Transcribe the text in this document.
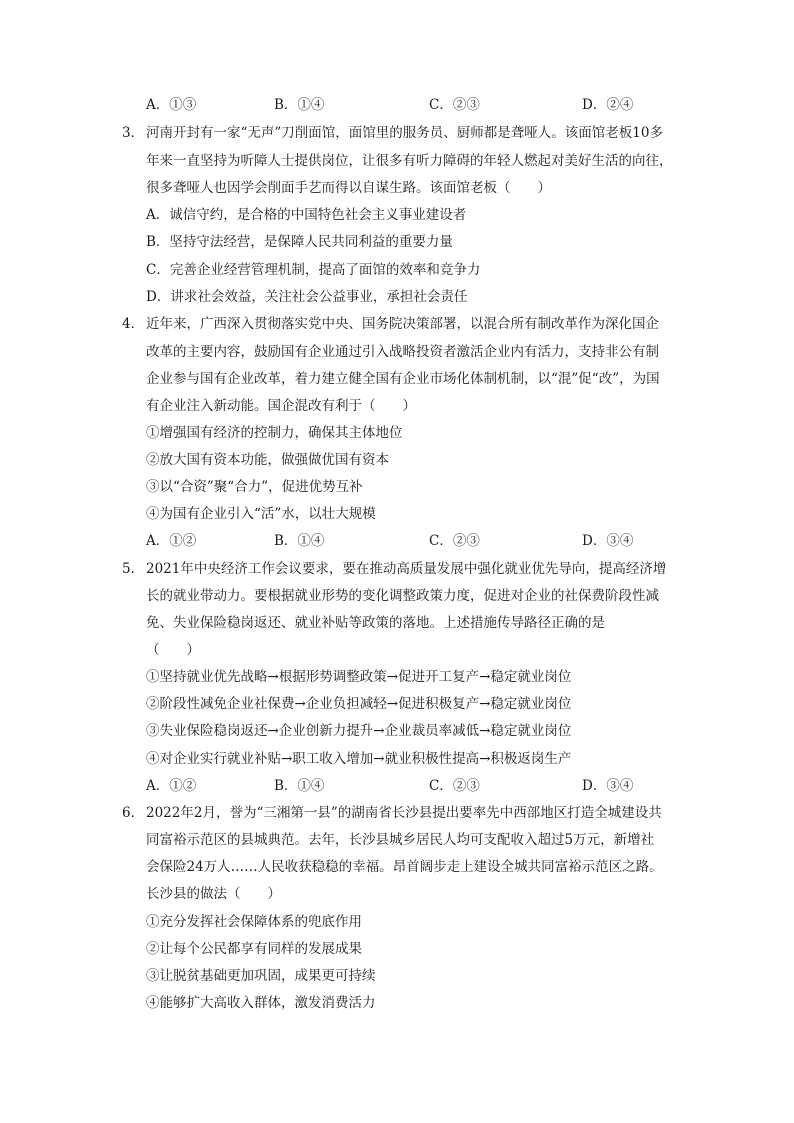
A．①③	B．①④	C．②③	D．②④
3． 河南开封有一家“无声”刀削面馆，面馆里的服务员、厨师都是聋哑人。该面馆老板10多
年来一直坚持为听障人士提供岗位，让很多有听力障碍的年轻人燃起对美好生活的向往，
很多聋哑人也因学会削面手艺而得以自谋生路。该面馆老板（　　）
A．诚信守约，是合格的中国特色社会主义事业建设者
B．坚持守法经营，是保障人民共同利益的重要力量
C．完善企业经营管理机制，提高了面馆的效率和竞争力
D．讲求社会效益，关注社会公益事业，承担社会责任
4． 近年来，广西深入贯彻落实党中央、国务院决策部署，以混合所有制改革作为深化国企
改革的主要内容，鼓励国有企业通过引入战略投资者激活企业内有活力，支持非公有制
企业参与国有企业改革，着力建立健全国有企业市场化体制机制，以“混”促“改”，为国
有企业注入新动能。国企混改有利于（　　）
①增强国有经济的控制力，确保其主体地位
②放大国有资本功能，做强做优国有资本
③以“合资”聚“合力”，促进优势互补
④为国有企业引入“活”水，以壮大规模
A．①②	B．①④	C．②③	D．③④
5． 2021年中央经济工作会议要求，要在推动高质量发展中强化就业优先导向，提高经济增
长的就业带动力。要根据就业形势的变化调整政策力度，促进对企业的社保费阶段性减
免、失业保险稳岗返还、就业补贴等政策的落地。上述措施传导路径正确的是
（　　）
①坚持就业优先战略→根据形势调整政策→促进开工复产→稳定就业岗位
②阶段性减免企业社保费→企业负担减轻→促进积极复产→稳定就业岗位
③失业保险稳岗返还→企业创新力提升→企业裁员率减低→稳定就业岗位
④对企业实行就业补贴→职工收入增加→就业积极性提高→积极返岗生产
A．①②	B．①④	C．②③	D．③④
6． 2022年2月，誉为“三湘第一县”的湖南省长沙县提出要率先中西部地区打造全城建设共
同富裕示范区的县城典范。去年，长沙县城乡居民人均可支配收入超过5万元，新增社
会保险24万人……人民收获稳稳的幸福。昂首阔步走上建设全城共同富裕示范区之路。
长沙县的做法（　　）
①充分发挥社会保障体系的兜底作用
②让每个公民都享有同样的发展成果
③让脱贫基础更加巩固，成果更可持续
④能够扩大高收入群体，激发消费活力
